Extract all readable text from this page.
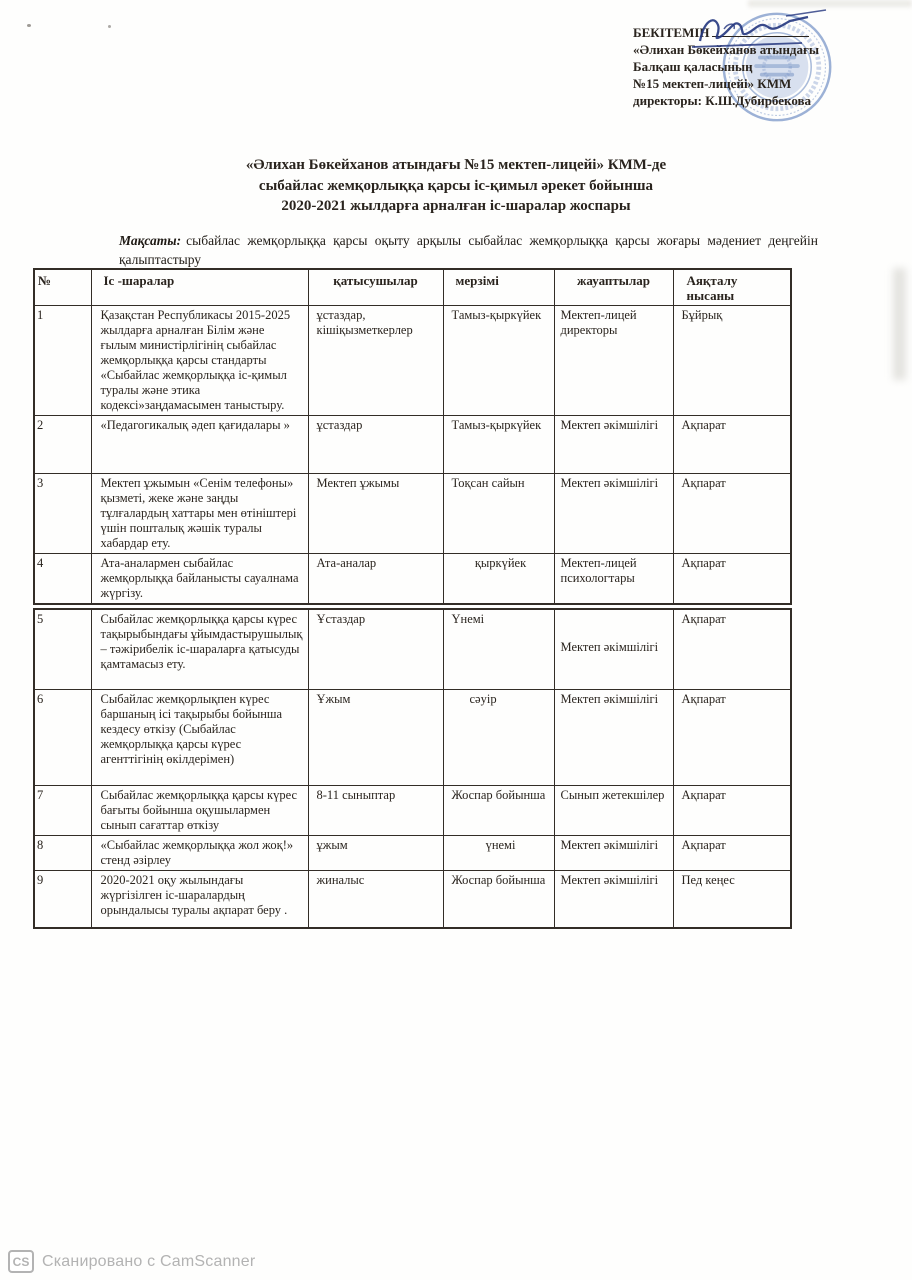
БЕКІТЕМІН
«Әлихан Бөкейханов атындағы
Балқаш қаласының
№15 мектеп-лицейі» КММ
директоры: К.Ш.Дубирбекова
«Әлихан Бөкейханов атындағы №15 мектеп-лицейі» КММ-де
сыбайлас жемқорлыққа қарсы іс-қимыл әрекет бойынша
2020-2021 жылдарға арналған іс-шаралар жоспары
Мақсаты: сыбайлас жемқорлыққа қарсы оқыту арқылы сыбайлас жемқорлыққа қарсы жоғары мәдениет деңгейін қалыптастыру
№	Іс -шаралар	қатысушылар	мерзімі	жауаптылар	Аяқталу нысаны
1	Қазақстан Республикасы 2015-2025 жылдарға арналған Білім және ғылым министірлігінің сыбайлас жемқорлыққа қарсы стандарты «Сыбайлас жемқорлыққа іс-қимыл туралы және этика кодексі»заңдамасымен таныстыру.	ұстаздар, кішіқызметкерлер	Тамыз-қыркүйек	Мектеп-лицей директоры	Бұйрық
2	«Педагогикалық әдеп қағидалары »	ұстаздар	Тамыз-қыркүйек	Мектеп әкімшілігі	Ақпарат
3	Мектеп ұжымын «Сенім телефоны» қызметі, жеке және заңды тұлғалардың хаттары мен өтініштері үшін пошталық жәшік туралы хабардар ету.	Мектеп ұжымы	Тоқсан сайын	Мектеп әкімшілігі	Ақпарат
4	Ата-аналармен сыбайлас жемқорлыққа байланысты сауалнама жүргізу.	Ата-аналар	қыркүйек	Мектеп-лицей психологтары	Ақпарат
5	Сыбайлас жемқорлыққа қарсы күрес тақырыбындағы ұйымдастырушылық – тәжірибелік іс-шараларға қатысуды қамтамасыз ету.	Ұстаздар	Үнемі	Мектеп әкімшілігі	Ақпарат
6	Сыбайлас жемқорлықпен күрес баршаның ісі тақырыбы бойынша кездесу өткізу (Сыбайлас жемқорлыққа қарсы күрес агенттігінің өкілдерімен)	Ұжым	сәуір	Мектеп әкімшілігі	Ақпарат
7	Сыбайлас жемқорлыққа қарсы күрес бағыты бойынша оқушылармен сынып сағаттар өткізу	8-11 сыныптар	Жоспар бойынша	Сынып жетекшілер	Ақпарат
8	«Сыбайлас жемқорлыққа жол жоқ!» стенд әзірлеу	ұжым	үнемі	Мектеп әкімшілігі	Ақпарат
9	2020-2021 оқу жылындағы жүргізілген іс-шаралардың орындалысы туралы ақпарат беру .	жиналыс	Жоспар бойынша	Мектеп әкімшілігі	Пед кеңес
CS Сканировано с CamScanner
